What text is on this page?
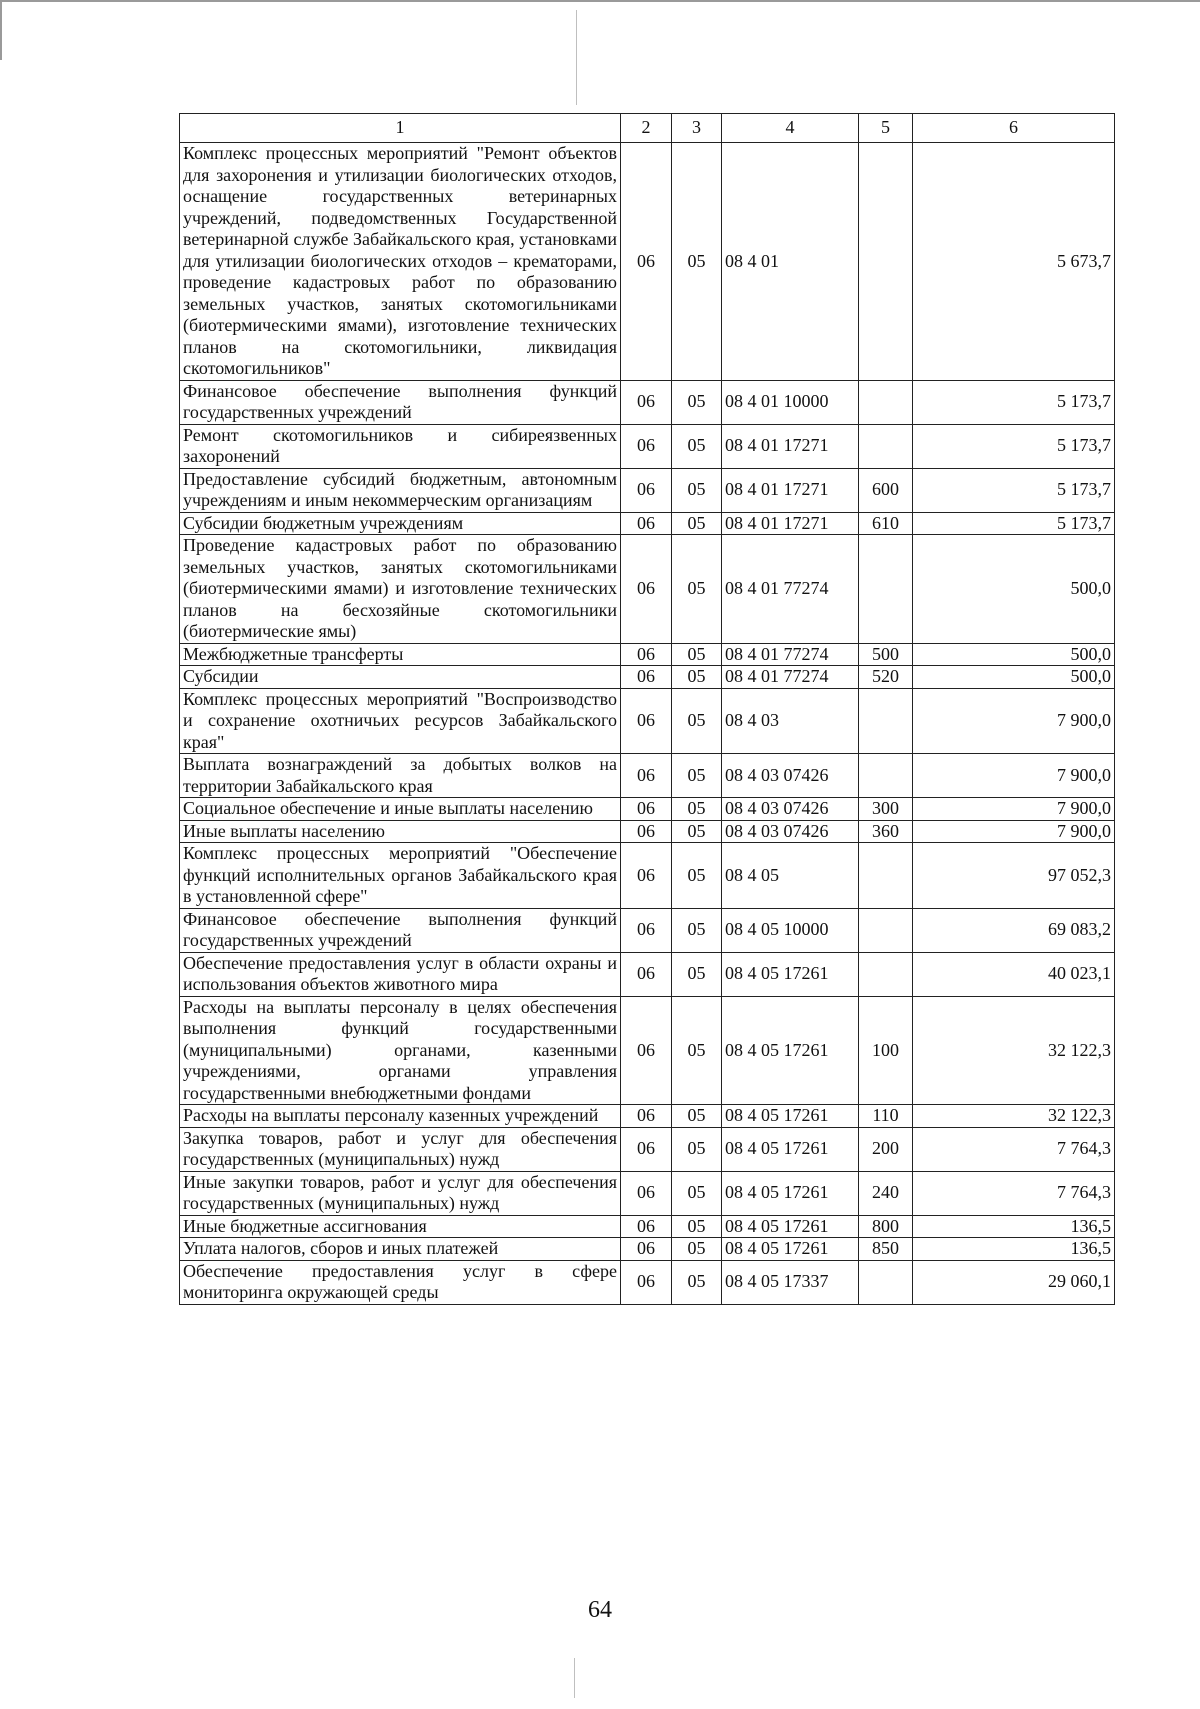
1	2	3	4	5	6
Комплекс процессных мероприятий "Ремонт объектов для захоронения и утилизации биологических отходов, оснащение государственных ветеринарных учреждений, подведомственных Государственной ветеринарной службе Забайкальского края, установками для утилизации биологических отходов – крематорами, проведение кадастровых работ по образованию земельных участков, занятых скотомогильниками (биотермическими ямами), изготовление технических планов на скотомогильники, ликвидация скотомогильников"	06	05	08 4 01		5 673,7
Финансовое обеспечение выполнения функций государственных учреждений	06	05	08 4 01 10000		5 173,7
Ремонт скотомогильников и сибиреязвенных захоронений	06	05	08 4 01 17271		5 173,7
Предоставление субсидий бюджетным, автономным учреждениям и иным некоммерческим организациям	06	05	08 4 01 17271	600	5 173,7
Субсидии бюджетным учреждениям	06	05	08 4 01 17271	610	5 173,7
Проведение кадастровых работ по образованию земельных участков, занятых скотомогильниками (биотермическими ямами) и изготовление технических планов на бесхозяйные скотомогильники (биотермические ямы)	06	05	08 4 01 77274		500,0
Межбюджетные трансферты	06	05	08 4 01 77274	500	500,0
Субсидии	06	05	08 4 01 77274	520	500,0
Комплекс процессных мероприятий "Воспроизводство и сохранение охотничьих ресурсов Забайкальского края"	06	05	08 4 03		7 900,0
Выплата вознаграждений за добытых волков на территории Забайкальского края	06	05	08 4 03 07426		7 900,0
Социальное обеспечение и иные выплаты населению	06	05	08 4 03 07426	300	7 900,0
Иные выплаты населению	06	05	08 4 03 07426	360	7 900,0
Комплекс процессных мероприятий "Обеспечение функций исполнительных органов Забайкальского края в установленной сфере"	06	05	08 4 05		97 052,3
Финансовое обеспечение выполнения функций государственных учреждений	06	05	08 4 05 10000		69 083,2
Обеспечение предоставления услуг в области охраны и использования объектов животного мира	06	05	08 4 05 17261		40 023,1
Расходы на выплаты персоналу в целях обеспечения выполнения функций государственными (муниципальными) органами, казенными учреждениями, органами управления государственными внебюджетными фондами	06	05	08 4 05 17261	100	32 122,3
Расходы на выплаты персоналу казенных учреждений	06	05	08 4 05 17261	110	32 122,3
Закупка товаров, работ и услуг для обеспечения государственных (муниципальных) нужд	06	05	08 4 05 17261	200	7 764,3
Иные закупки товаров, работ и услуг для обеспечения государственных (муниципальных) нужд	06	05	08 4 05 17261	240	7 764,3
Иные бюджетные ассигнования	06	05	08 4 05 17261	800	136,5
Уплата налогов, сборов и иных платежей	06	05	08 4 05 17261	850	136,5
Обеспечение предоставления услуг в сфере мониторинга окружающей среды	06	05	08 4 05 17337		29 060,1
64
